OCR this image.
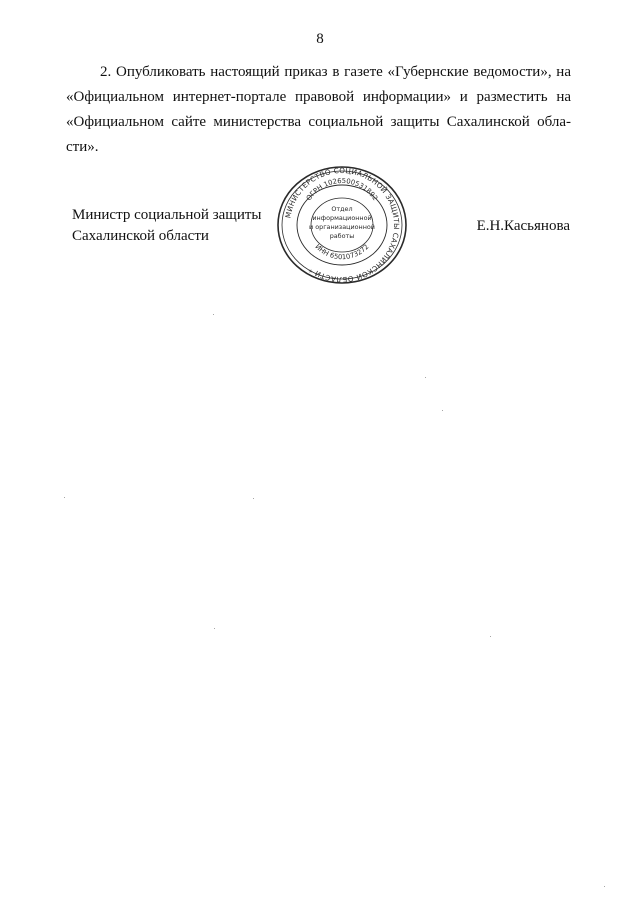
8
2. Опубликовать настоящий приказ в газете «Губернские ведомости», на
«Официальном интернет-портале правовой информации» и разместить на
«Официальном сайте министерства социальной защиты Сахалинской обла-
сти».
Министр социальной защиты
Сахалинской области
Е.Н.Касьянова
МИНИСТЕРСТВО СОЦИАЛЬНОЙ ЗАЩИТЫ САХАЛИНСКОЙ ОБЛАСТИ *
ОГРН 1026500531892
ИНН 6501073272
Отдел
информационной
и организационной
работы
